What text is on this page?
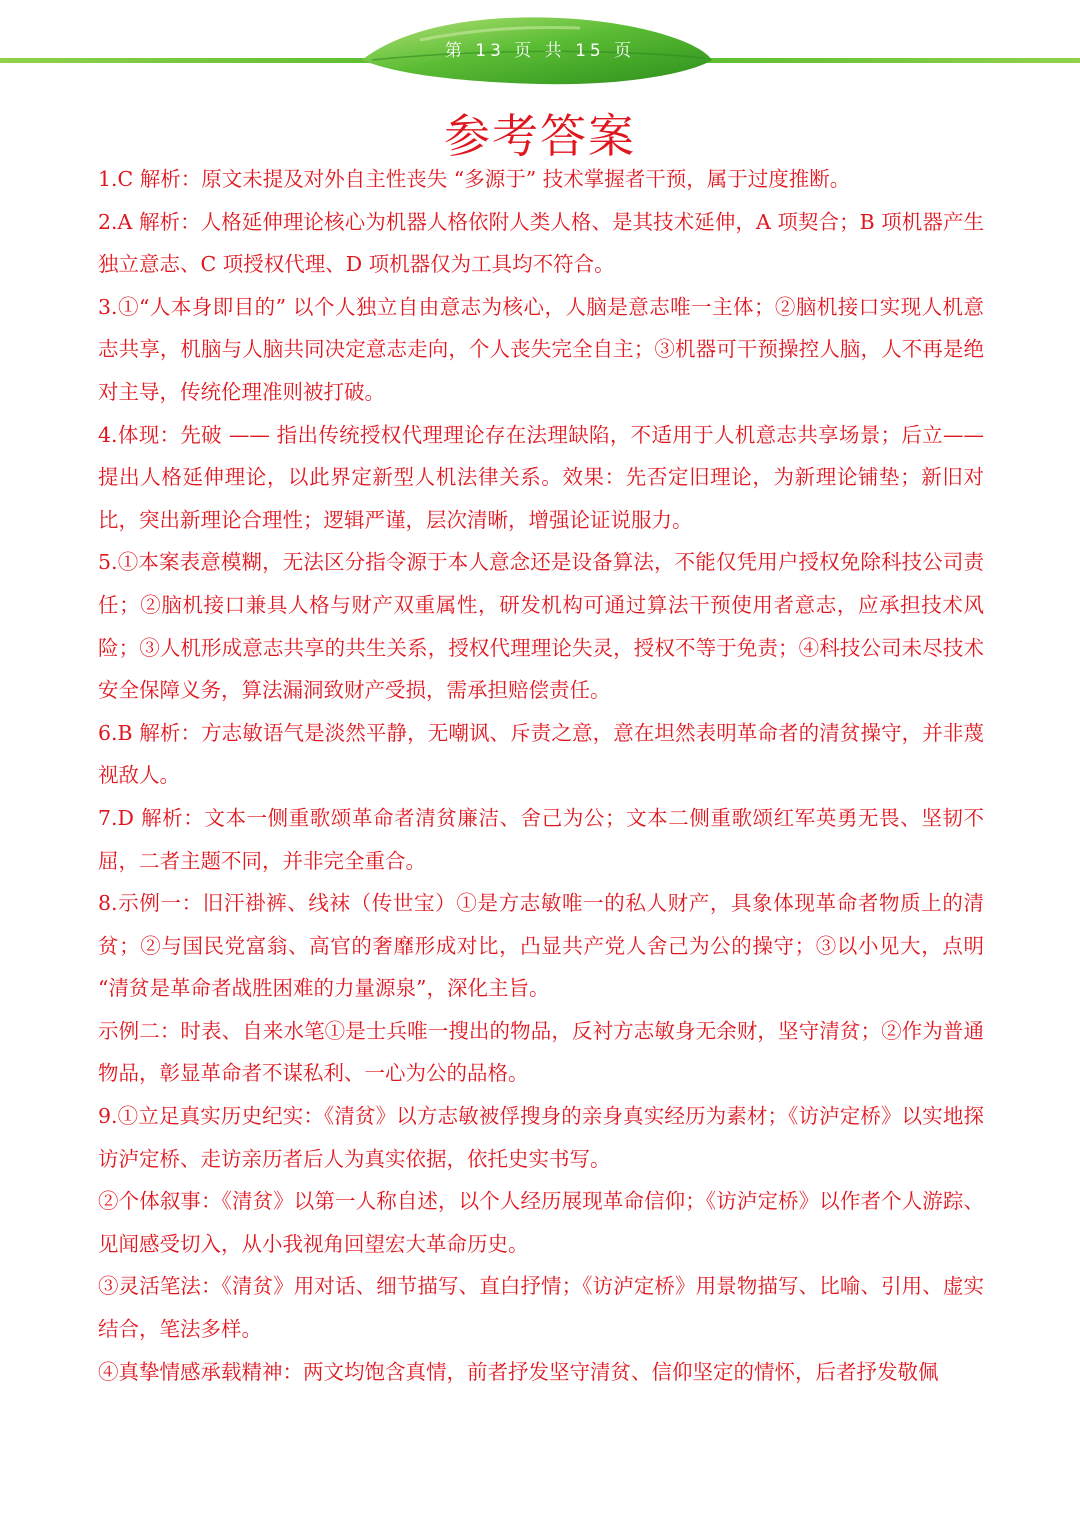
第 13 页 共 15 页
参考答案

1.C 解析：原文未提及对外自主性丧失 “多源于” 技术掌握者干预，属于过度推断。

2.A 解析：人格延伸理论核心为机器人格依附人类人格、是其技术延伸，A 项契合；B 项机器产生独立意志、C 项授权代理、D 项机器仅为工具均不符合。

3.①“人本身即目的” 以个人独立自由意志为核心，人脑是意志唯一主体；②脑机接口实现人机意志共享，机脑与人脑共同决定意志走向，个人丧失完全自主；③机器可干预操控人脑，人不再是绝对主导，传统伦理准则被打破。

4.体现：先破 —— 指出传统授权代理理论存在法理缺陷，不适用于人机意志共享场景；后立—— 提出人格延伸理论，以此界定新型人机法律关系。效果：先否定旧理论，为新理论铺垫；新旧对比，突出新理论合理性；逻辑严谨，层次清晰，增强论证说服力。

5.①本案表意模糊，无法区分指令源于本人意念还是设备算法，不能仅凭用户授权免除科技公司责任；②脑机接口兼具人格与财产双重属性，研发机构可通过算法干预使用者意志，应承担技术风险；③人机形成意志共享的共生关系，授权代理理论失灵，授权不等于免责；④科技公司未尽技术安全保障义务，算法漏洞致财产受损，需承担赔偿责任。

6.B 解析：方志敏语气是淡然平静，无嘲讽、斥责之意，意在坦然表明革命者的清贫操守，并非蔑视敌人。

7.D 解析：文本一侧重歌颂革命者清贫廉洁、舍己为公；文本二侧重歌颂红军英勇无畏、坚韧不屈，二者主题不同，并非完全重合。

8.示例一：旧汗褂裤、线袜（传世宝）①是方志敏唯一的私人财产，具象体现革命者物质上的清贫；②与国民党富翁、高官的奢靡形成对比，凸显共产党人舍己为公的操守；③以小见大，点明 “清贫是革命者战胜困难的力量源泉”，深化主旨。

示例二：时表、自来水笔①是士兵唯一搜出的物品，反衬方志敏身无余财，坚守清贫；②作为普通物品，彰显革命者不谋私利、一心为公的品格。

9.①立足真实历史纪实：《清贫》以方志敏被俘搜身的亲身真实经历为素材；《访泸定桥》以实地探访泸定桥、走访亲历者后人为真实依据，依托史实书写。

②个体叙事：《清贫》以第一人称自述，以个人经历展现革命信仰；《访泸定桥》以作者个人游踪、见闻感受切入，从小我视角回望宏大革命历史。

③灵活笔法：《清贫》用对话、细节描写、直白抒情；《访泸定桥》用景物描写、比喻、引用、虚实结合，笔法多样。

④真挚情感承载精神：两文均饱含真情，前者抒发坚守清贫、信仰坚定的情怀，后者抒发敬佩
